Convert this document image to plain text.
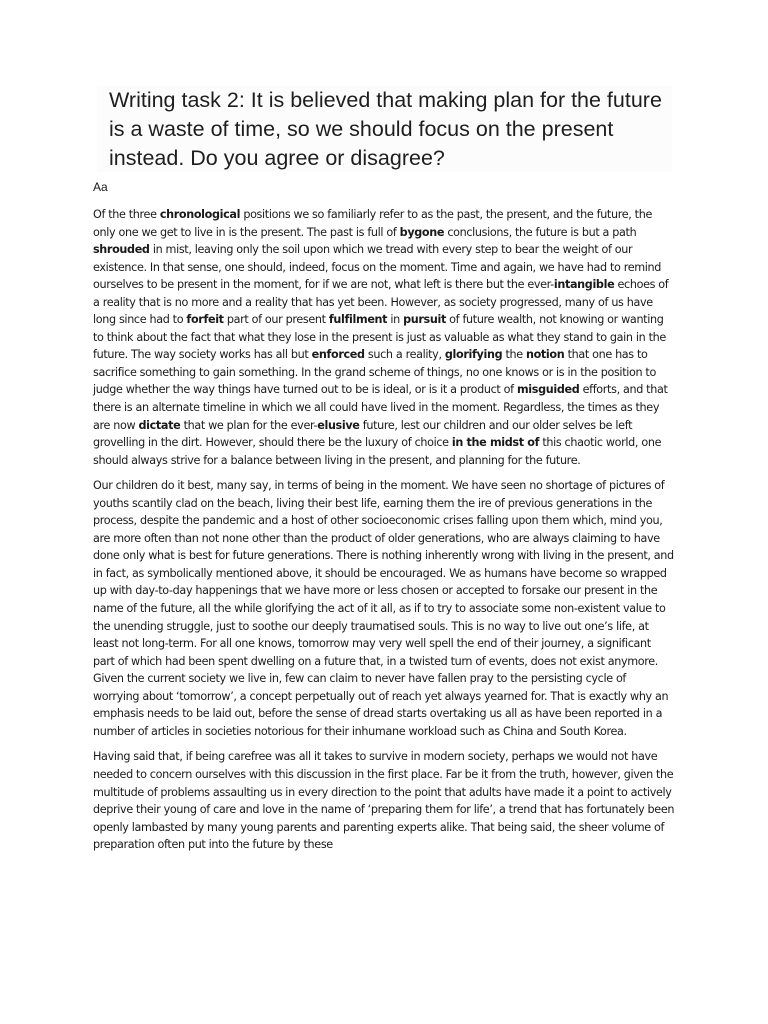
Writing task 2: It is believed that making plan for the future is a waste of time, so we should focus on the present instead. Do you agree or disagree?
Aa

Of the three chronological positions we so familiarly refer to as the past, the present, and the future, the only one we get to live in is the present. The past is full of bygone conclusions, the future is but a path shrouded in mist, leaving only the soil upon which we tread with every step to bear the weight of our existence. In that sense, one should, indeed, focus on the moment. Time and again, we have had to remind ourselves to be present in the moment, for if we are not, what left is there but the ever-intangible echoes of a reality that is no more and a reality that has yet been. However, as society progressed, many of us have long since had to forfeit part of our present fulfilment in pursuit of future wealth, not knowing or wanting to think about the fact that what they lose in the present is just as valuable as what they stand to gain in the future. The way society works has all but enforced such a reality, glorifying the notion that one has to sacrifice something to gain something. In the grand scheme of things, no one knows or is in the position to judge whether the way things have turned out to be is ideal, or is it a product of misguided efforts, and that there is an alternate timeline in which we all could have lived in the moment. Regardless, the times as they are now dictate that we plan for the ever-elusive future, lest our children and our older selves be left grovelling in the dirt. However, should there be the luxury of choice in the midst of this chaotic world, one should always strive for a balance between living in the present, and planning for the future.

Our children do it best, many say, in terms of being in the moment. We have seen no shortage of pictures of youths scantily clad on the beach, living their best life, earning them the ire of previous generations in the process, despite the pandemic and a host of other socioeconomic crises falling upon them which, mind you, are more often than not none other than the product of older generations, who are always claiming to have done only what is best for future generations. There is nothing inherently wrong with living in the present, and in fact, as symbolically mentioned above, it should be encouraged. We as humans have become so wrapped up with day-to-day happenings that we have more or less chosen or accepted to forsake our present in the name of the future, all the while glorifying the act of it all, as if to try to associate some non-existent value to the unending struggle, just to soothe our deeply traumatised souls. This is no way to live out one’s life, at least not long-term. For all one knows, tomorrow may very well spell the end of their journey, a significant part of which had been spent dwelling on a future that, in a twisted turn of events, does not exist anymore. Given the current society we live in, few can claim to never have fallen pray to the persisting cycle of worrying about ‘tomorrow’, a concept perpetually out of reach yet always yearned for. That is exactly why an emphasis needs to be laid out, before the sense of dread starts overtaking us all as have been reported in a number of articles in societies notorious for their inhumane workload such as China and South Korea.

Having said that, if being carefree was all it takes to survive in modern society, perhaps we would not have needed to concern ourselves with this discussion in the first place. Far be it from the truth, however, given the multitude of problems assaulting us in every direction to the point that adults have made it a point to actively deprive their young of care and love in the name of ‘preparing them for life’, a trend that has fortunately been openly lambasted by many young parents and parenting experts alike. That being said, the sheer volume of preparation often put into the future by these
